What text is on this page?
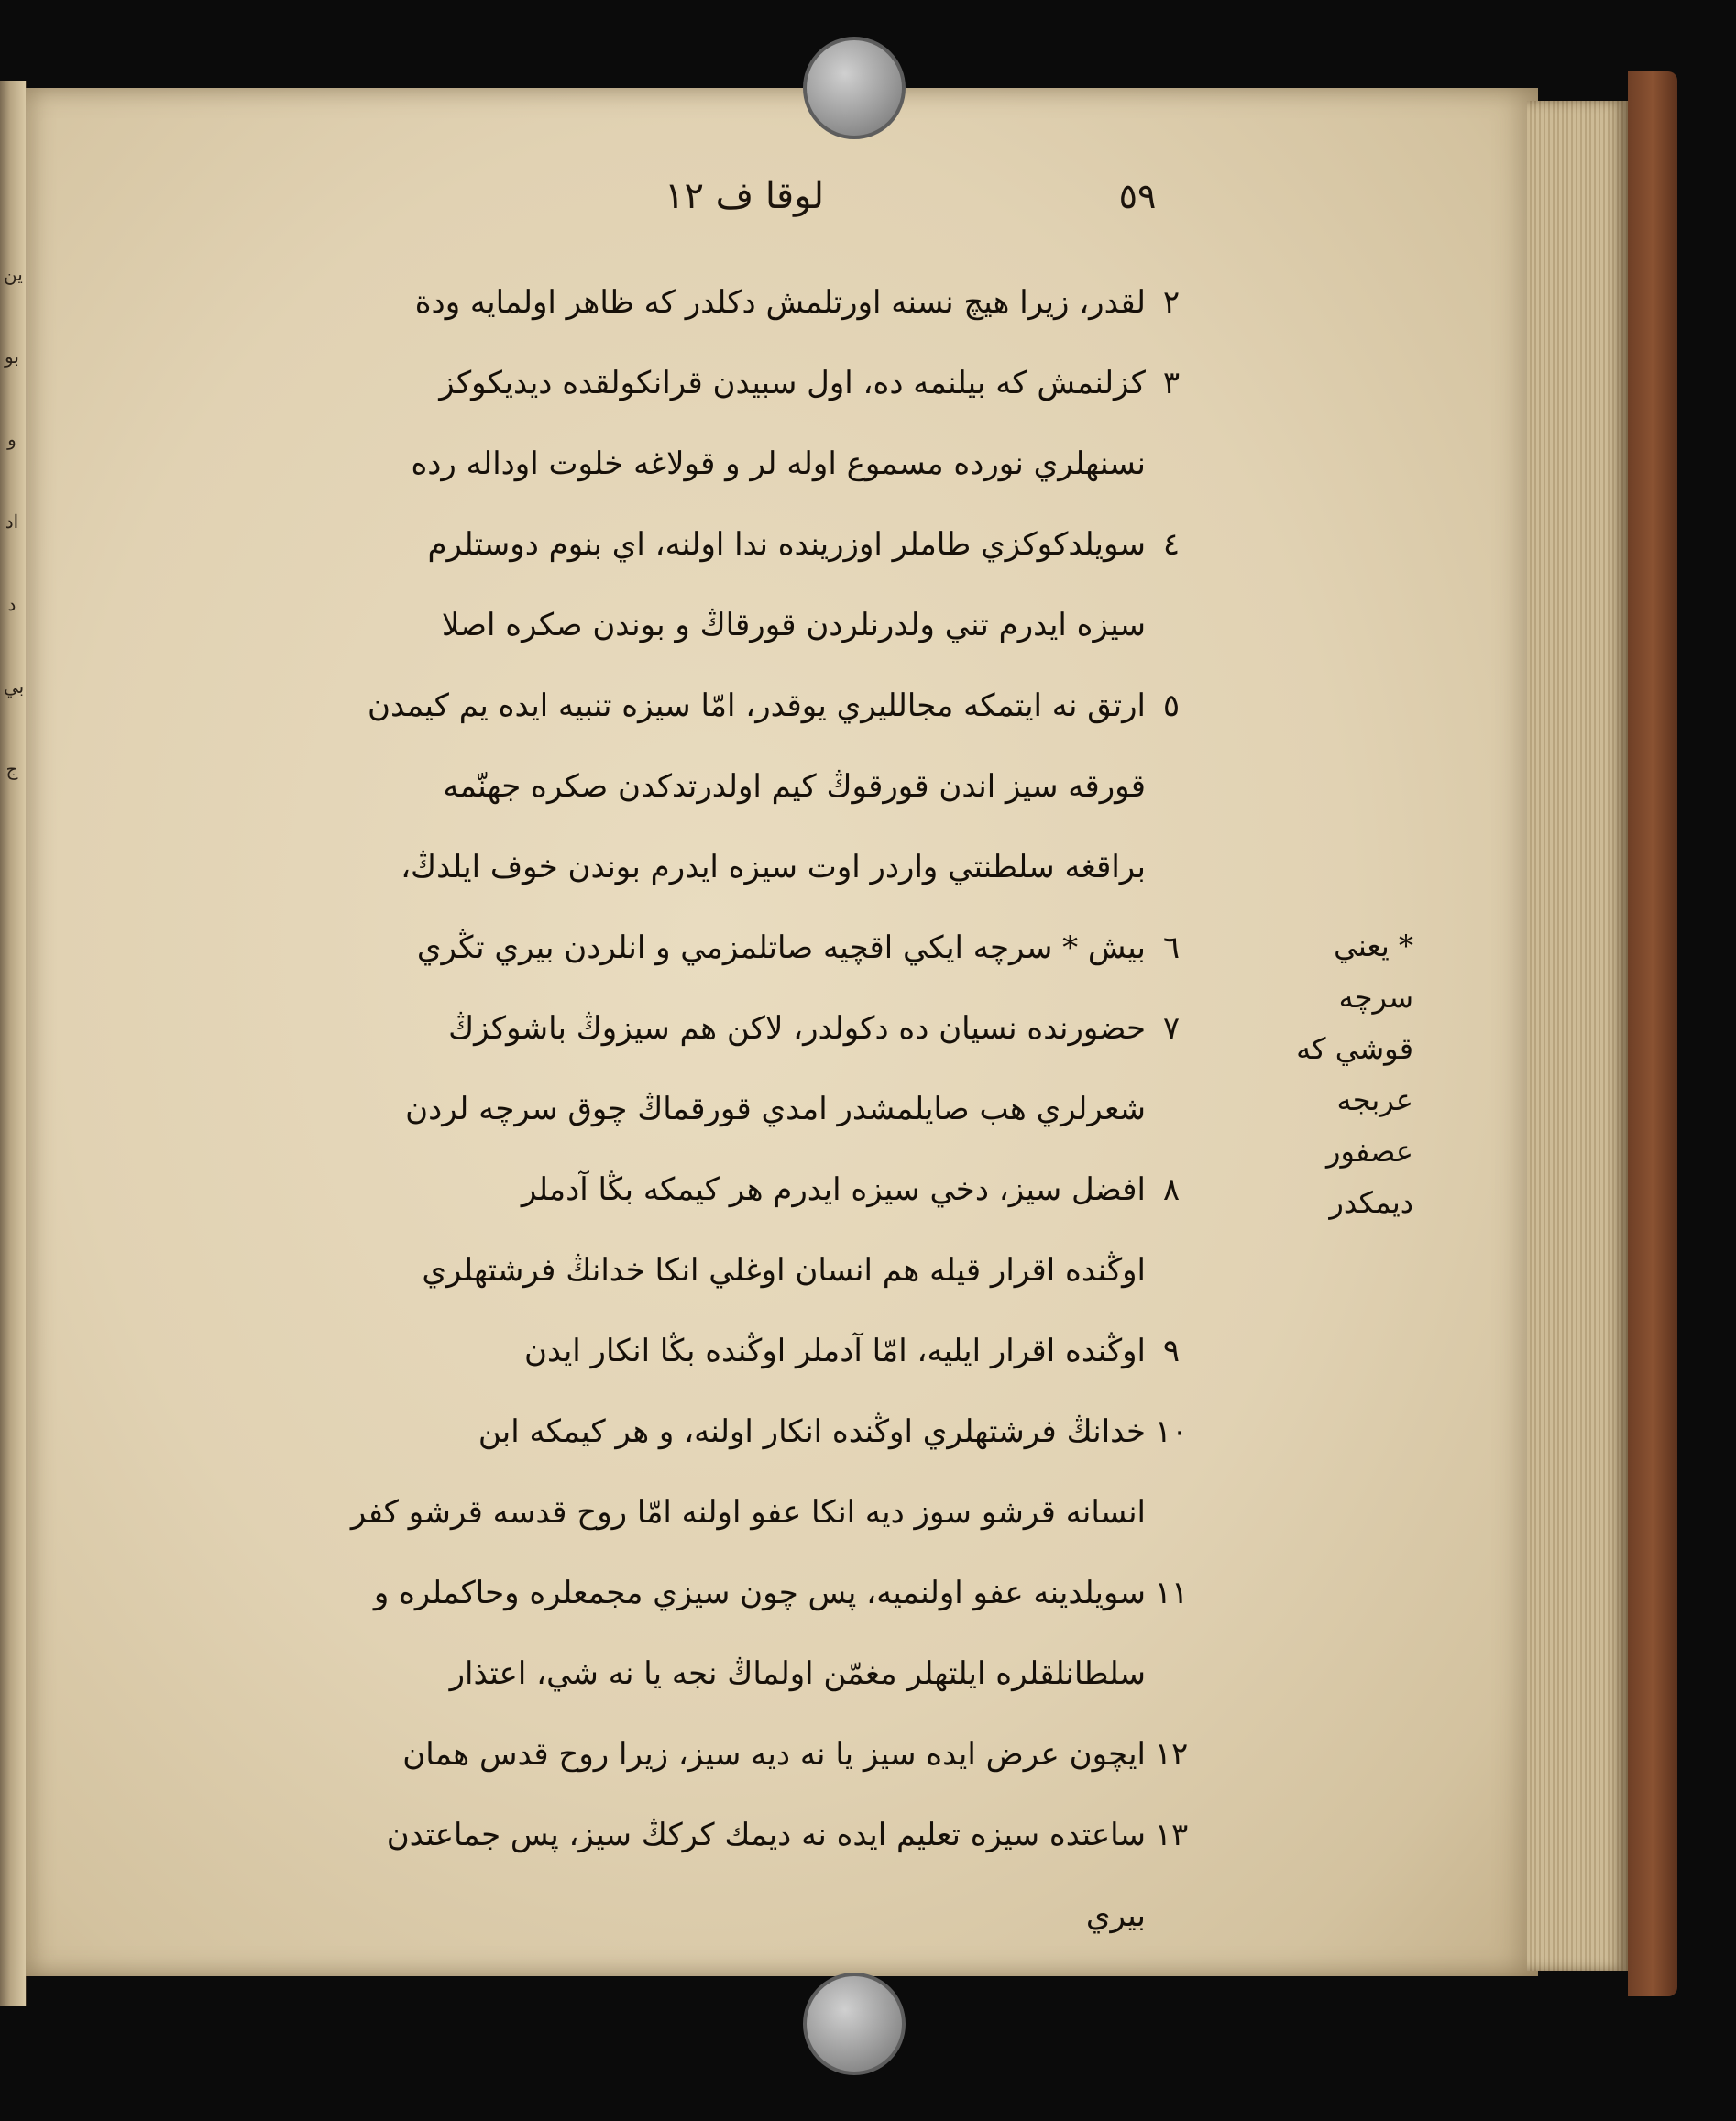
ين
بو
و
اد
د
بي
ج
لوقا ف ١٢	٥٩
٢لقدر، زيرا هيچ نسنه اورتلمش دكلدر كه ظاهر اولمايه ودة
٣كزلنمش كه بيلنمه ده، اول سبيدن قرانكولقده ديديكوكز
نسنهلري نورده مسموع اوله لر و قولاغه خلوت اوداله رده
٤سويلدكوكزي طاملر اوزرينده ندا اولنه، اي بنوم دوستلرم
سيزه ايدرم تني ولدرنلردن قورقاڭ و بوندن صكره اصلا
٥ارتق نه ايتمكه مجالليري يوقدر، امّا سيزه تنبيه ايده يم كيمدن
قورقه سيز اندن قورقوڭ كيم اولدرتدكدن صكره جهنّمه
براقغه سلطنتي واردر اوت سيزه ايدرم بوندن خوف ايلدڭ،
٦بيش * سرچه ايكي اقچيه صاتلمزمي و انلردن بيري تڭري
٧حضورنده نسيان ده دكولدر، لاكن هم سيزوڭ باشوكزڭ
شعرلري هب صايلمشدر امدي قورقماڭ چوق سرچه لردن
٨افضل سيز، دخي سيزه ايدرم هر كيمكه بڭا آدملر
اوڭنده اقرار قيله هم انسان اوغلي انكا خدانڭ فرشتهلري
٩اوڭنده اقرار ايليه، امّا آدملر اوڭنده بڭا انكار ايدن
١٠خدانڭ فرشتهلري اوڭنده انكار اولنه، و هر كيمكه ابن
انسانه قرشو سوز ديه انكا عفو اولنه امّا روح قدسه قرشو كفر
١١سويلدينه عفو اولنميه، پس چون سيزي مجمعلره وحاكملره و
سلطانلقلره ايلتهلر مغمّن اولماڭ نجه يا نه شي، اعتذار
١٢ايچون عرض ايده سيز يا نه ديه سيز، زيرا روح قدس همان
١٣ساعتده سيزه تعليم ايده نه ديمك كركڭ سيز، پس جماعتدن
بيري
* يعني
سرچه
قوشي كه
عربجه
عصفور
ديمكدر
